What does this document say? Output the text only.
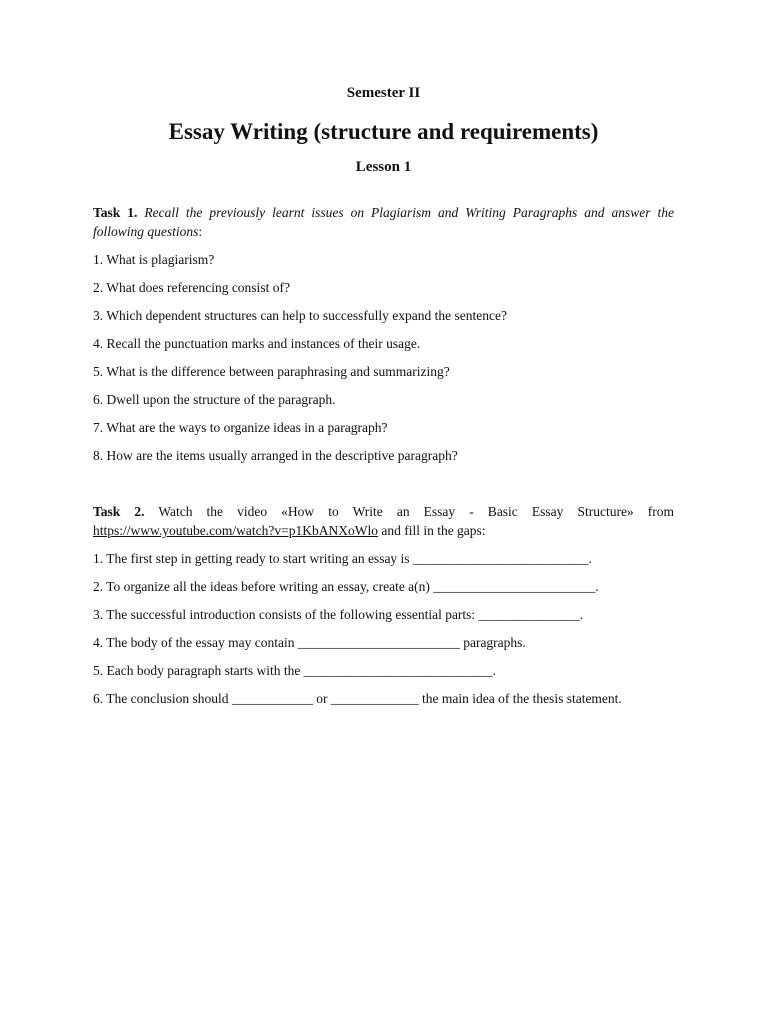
Semester II

Essay Writing (structure and requirements)

Lesson 1

Task 1. Recall the previously learnt issues on Plagiarism and Writing Paragraphs and answer the following questions:

1. What is plagiarism?
2. What does referencing consist of?
3. Which dependent structures can help to successfully expand the sentence?
4. Recall the punctuation marks and instances of their usage.
5. What is the difference between paraphrasing and summarizing?
6. Dwell upon the structure of the paragraph.
7. What are the ways to organize ideas in a paragraph?
8. How are the items usually arranged in the descriptive paragraph?

Task 2. Watch the video «How to Write an Essay - Basic Essay Structure» from https://www.youtube.com/watch?v=p1KbANXoWlo and fill in the gaps:

1. The first step in getting ready to start writing an essay is __________________________.
2. To organize all the ideas before writing an essay, create a(n) ________________________.
3. The successful introduction consists of the following essential parts: _______________.
4. The body of the essay may contain ________________________ paragraphs.
5. Each body paragraph starts with the ____________________________.
6. The conclusion should ____________ or _____________ the main idea of the thesis statement.
